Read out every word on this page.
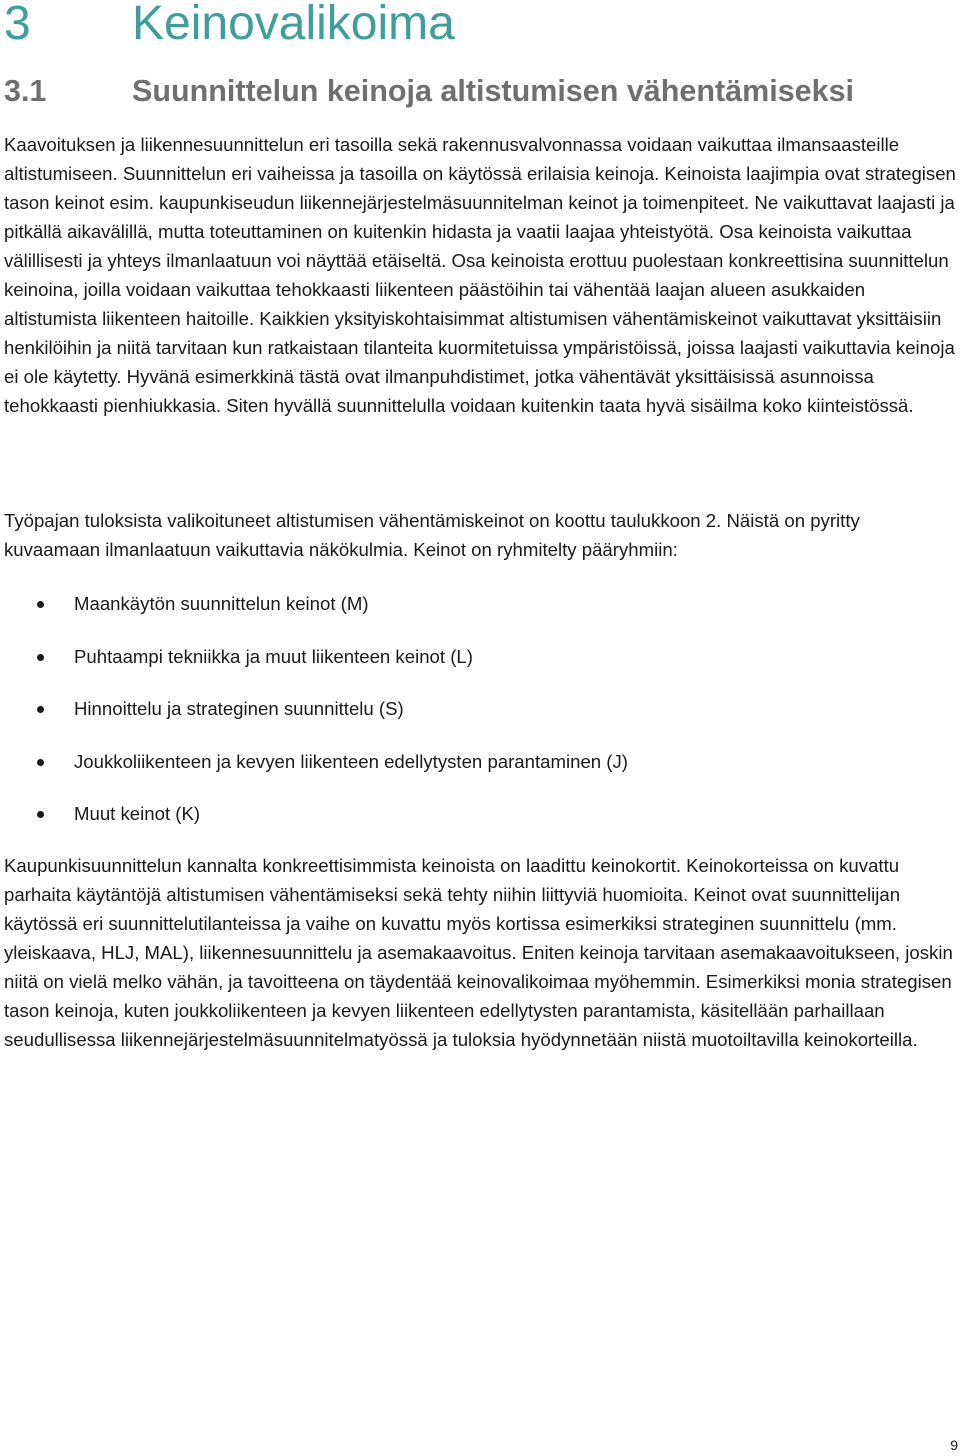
3	Keinovalikoima
3.1	Suunnittelun keinoja altistumisen vähentämiseksi

Kaavoituksen ja liikennesuunnittelun eri tasoilla sekä rakennusvalvonnassa voidaan vaikuttaa ilmansaasteille altistumiseen. Suunnittelun eri vaiheissa ja tasoilla on käytössä erilaisia keinoja. Keinoista laajimpia ovat strategisen tason keinot esim. kaupunkiseudun liikennejärjestelmäsuunnitelman keinot ja toimenpiteet. Ne vaikuttavat laajasti ja pitkällä aikavälillä, mutta toteuttaminen on kuitenkin hidasta ja vaatii laajaa yhteistyötä. Osa keinoista vaikuttaa välillisesti ja yhteys ilmanlaatuun voi näyttää etäiseltä. Osa keinoista erottuu puolestaan konkreettisina suunnittelun keinoina, joilla voidaan vaikuttaa tehokkaasti liikenteen päästöihin tai vähentää laajan alueen asukkaiden altistumista liikenteen haitoille. Kaikkien yksityiskohtaisimmat altistumisen vähentämiskeinot vaikuttavat yksittäisiin henkilöihin ja niitä tarvitaan kun ratkaistaan tilanteita kuormitetuissa ympäristöissä, joissa laajasti vaikuttavia keinoja ei ole käytetty. Hyvänä esimerkkinä tästä ovat ilmanpuhdistimet, jotka vähentävät yksittäisissä asunnoissa tehokkaasti pienhiukkasia. Siten hyvällä suunnittelulla voidaan kuitenkin taata hyvä sisäilma koko kiinteistössä.

Työpajan tuloksista valikoituneet altistumisen vähentämiskeinot on koottu taulukkoon 2. Näistä on pyritty kuvaamaan ilmanlaatuun vaikuttavia näkökulmia. Keinot on ryhmitelty pääryhmiin:

Maankäytön suunnittelun keinot (M)
Puhtaampi tekniikka ja muut liikenteen keinot (L)
Hinnoittelu ja strateginen suunnittelu (S)
Joukkoliikenteen ja kevyen liikenteen edellytysten parantaminen (J)
Muut keinot (K)

Kaupunkisuunnittelun kannalta konkreettisimmista keinoista on laadittu keinokortit. Keinokorteissa on kuvattu parhaita käytäntöjä altistumisen vähentämiseksi sekä tehty niihin liittyviä huomioita. Keinot ovat suunnittelijan käytössä eri suunnittelutilanteissa ja vaihe on kuvattu myös kortissa esimerkiksi strateginen suunnittelu (mm. yleiskaava, HLJ, MAL), liikennesuunnittelu ja asemakaavoitus. Eniten keinoja tarvitaan asemakaavoitukseen, joskin niitä on vielä melko vähän, ja tavoitteena on täydentää keinovalikoimaa myöhemmin. Esimerkiksi monia strategisen tason keinoja, kuten joukkoliikenteen ja kevyen liikenteen edellytysten parantamista, käsitellään parhaillaan seudullisessa liikennejärjestelmäsuunnitelmatyössä ja tuloksia hyödynnetään niistä muotoiltavilla keinokorteilla.

9
